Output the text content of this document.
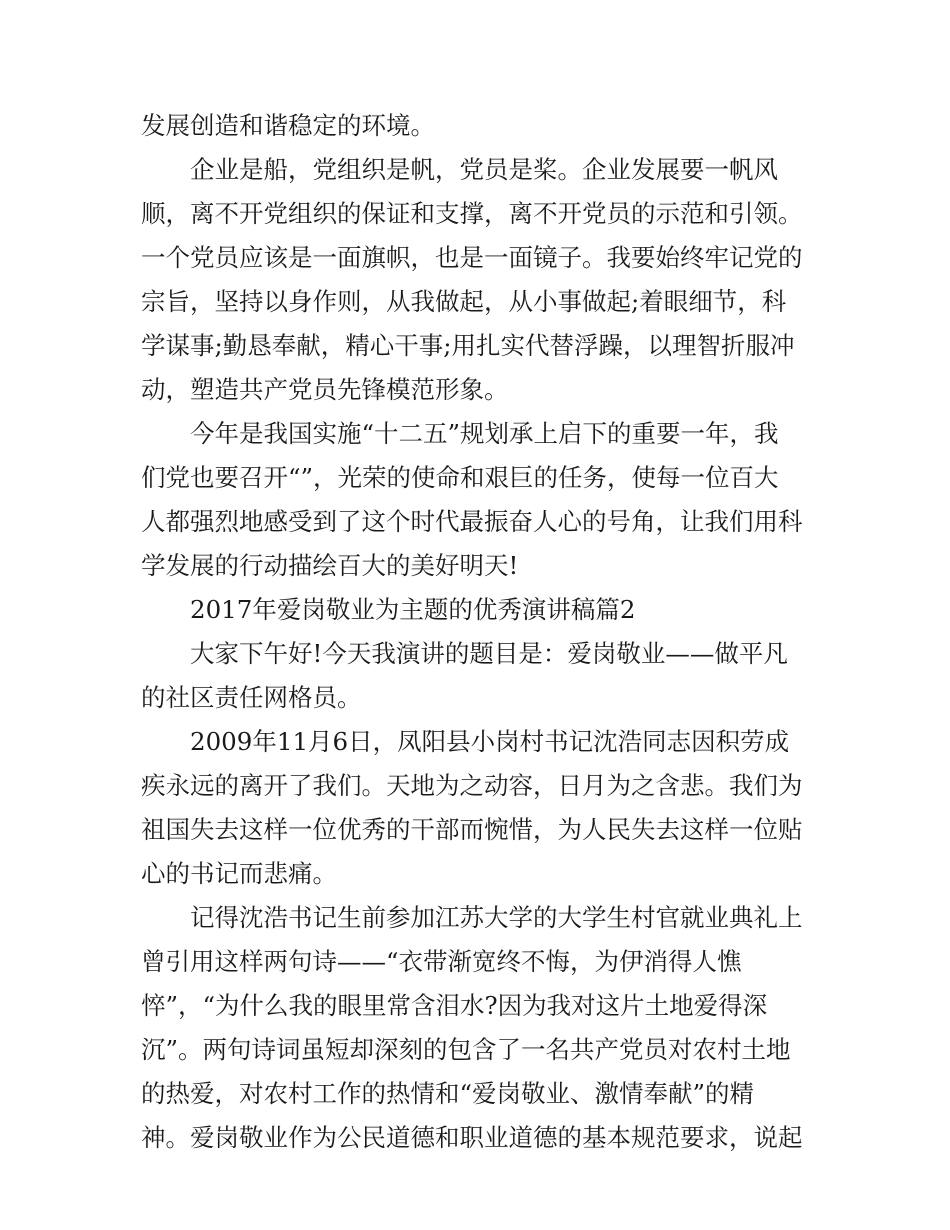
发展创造和谐稳定的环境。
企业是船，党组织是帆，党员是桨。企业发展要一帆风
顺，离不开党组织的保证和支撑，离不开党员的示范和引领。
一个党员应该是一面旗帜，也是一面镜子。我要始终牢记党的
宗旨，坚持以身作则，从我做起，从小事做起;着眼细节，科
学谋事;勤恳奉献，精心干事;用扎实代替浮躁，以理智折服冲
动，塑造共产党员先锋模范形象。
今年是我国实施“十二五”规划承上启下的重要一年，我
们党也要召开“”，光荣的使命和艰巨的任务，使每一位百大
人都强烈地感受到了这个时代最振奋人心的号角，让我们用科
学发展的行动描绘百大的美好明天!
2017年爱岗敬业为主题的优秀演讲稿篇2
大家下午好!今天我演讲的题目是：爱岗敬业——做平凡
的社区责任网格员。
2009年11月6日，凤阳县小岗村书记沈浩同志因积劳成
疾永远的离开了我们。天地为之动容，日月为之含悲。我们为
祖国失去这样一位优秀的干部而惋惜，为人民失去这样一位贴
心的书记而悲痛。
记得沈浩书记生前参加江苏大学的大学生村官就业典礼上
曾引用这样两句诗——“衣带渐宽终不悔，为伊消得人憔
悴”，“为什么我的眼里常含泪水?因为我对这片土地爱得深
沉”。两句诗词虽短却深刻的包含了一名共产党员对农村土地
的热爱，对农村工作的热情和“爱岗敬业、激情奉献”的精
神。爱岗敬业作为公民道德和职业道德的基本规范要求，说起
